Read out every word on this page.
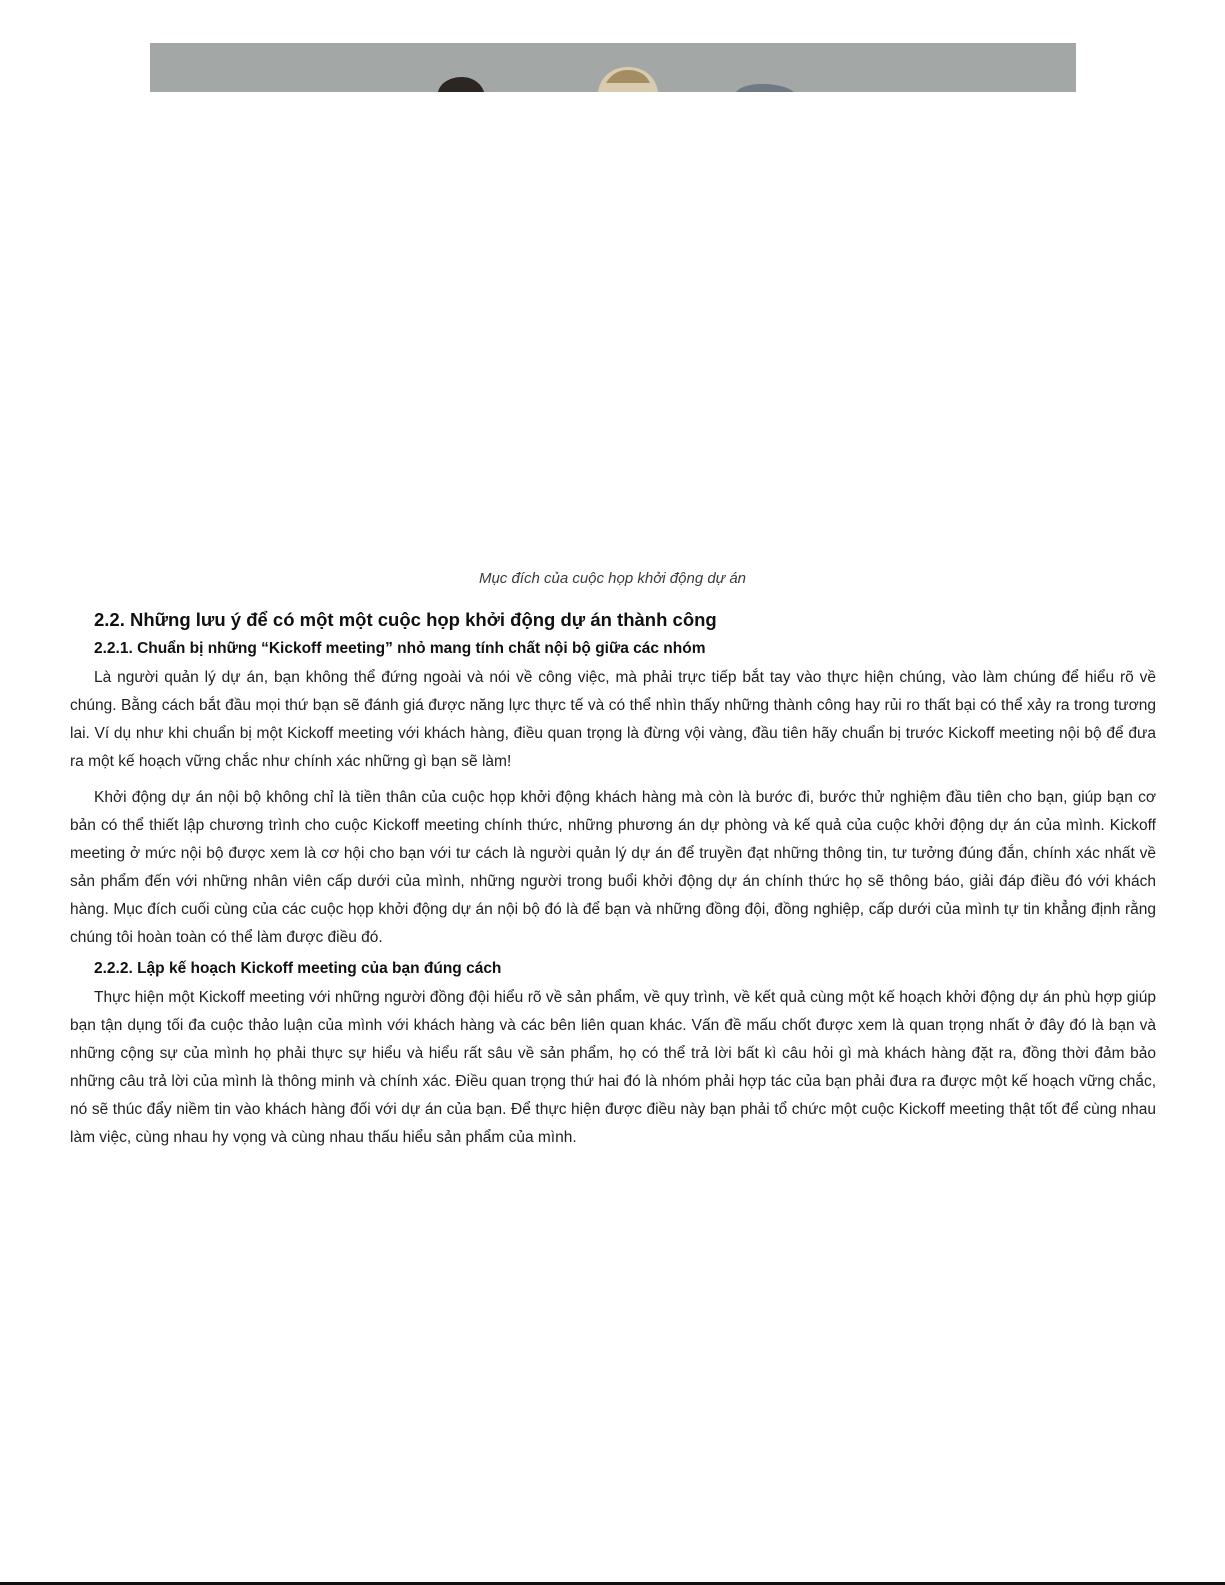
Mục đích của cuộc họp khởi động dự án
2.2. Những lưu ý để có một một cuộc họp khởi động dự án thành công
2.2.1. Chuẩn bị những “Kickoff meeting” nhỏ mang tính chất nội bộ giữa các nhóm

Là người quản lý dự án, bạn không thể đứng ngoài và nói về công việc, mà phải trực tiếp bắt tay vào thực hiện chúng, vào làm chúng để hiểu rõ về chúng. Bằng cách bắt đầu mọi thứ bạn sẽ đánh giá được năng lực thực tế và có thể nhìn thấy những thành công hay rủi ro thất bại có thể xảy ra trong tương lai. Ví dụ như khi chuẩn bị một Kickoff meeting với khách hàng, điều quan trọng là đừng vội vàng, đầu tiên hãy chuẩn bị trước Kickoff meeting nội bộ để đưa ra một kế hoạch vững chắc như chính xác những gì bạn sẽ làm!

Khởi động dự án nội bộ không chỉ là tiền thân của cuộc họp khởi động khách hàng mà còn là bước đi, bước thử nghiệm đầu tiên cho bạn, giúp bạn cơ bản có thể thiết lập chương trình cho cuộc Kickoff meeting chính thức, những phương án dự phòng và kế quả của cuộc khởi động dự án của mình. Kickoff meeting ở mức nội bộ được xem là cơ hội cho bạn với tư cách là người quản lý dự án để truyền đạt những thông tin, tư tưởng đúng đắn, chính xác nhất về sản phẩm đến với những nhân viên cấp dưới của mình, những người trong buổi khởi động dự án chính thức họ sẽ thông báo, giải đáp điều đó với khách hàng. Mục đích cuối cùng của các cuộc họp khởi động dự án nội bộ đó là để bạn và những đồng đội, đồng nghiệp, cấp dưới của mình tự tin khẳng định rằng chúng tôi hoàn toàn có thể làm được điều đó.

2.2.2. Lập kế hoạch Kickoff meeting của bạn đúng cách

Thực hiện một Kickoff meeting với những người đồng đội hiểu rõ về sản phẩm, về quy trình, về kết quả cùng một kế hoạch khởi động dự án phù hợp giúp bạn tận dụng tối đa cuộc thảo luận của mình với khách hàng và các bên liên quan khác. Vấn đề mấu chốt được xem là quan trọng nhất ở đây đó là bạn và những cộng sự của mình họ phải thực sự hiểu và hiểu rất sâu về sản phẩm, họ có thể trả lời bất kì câu hỏi gì mà khách hàng đặt ra, đồng thời đảm bảo những câu trả lời của mình là thông minh và chính xác. Điều quan trọng thứ hai đó là nhóm phải hợp tác của bạn phải đưa ra được một kế hoạch vững chắc, nó sẽ thúc đẩy niềm tin vào khách hàng đối với dự án của bạn. Để thực hiện được điều này bạn phải tổ chức một cuộc Kickoff meeting thật tốt để cùng nhau làm việc, cùng nhau hy vọng và cùng nhau thấu hiểu sản phẩm của mình.
